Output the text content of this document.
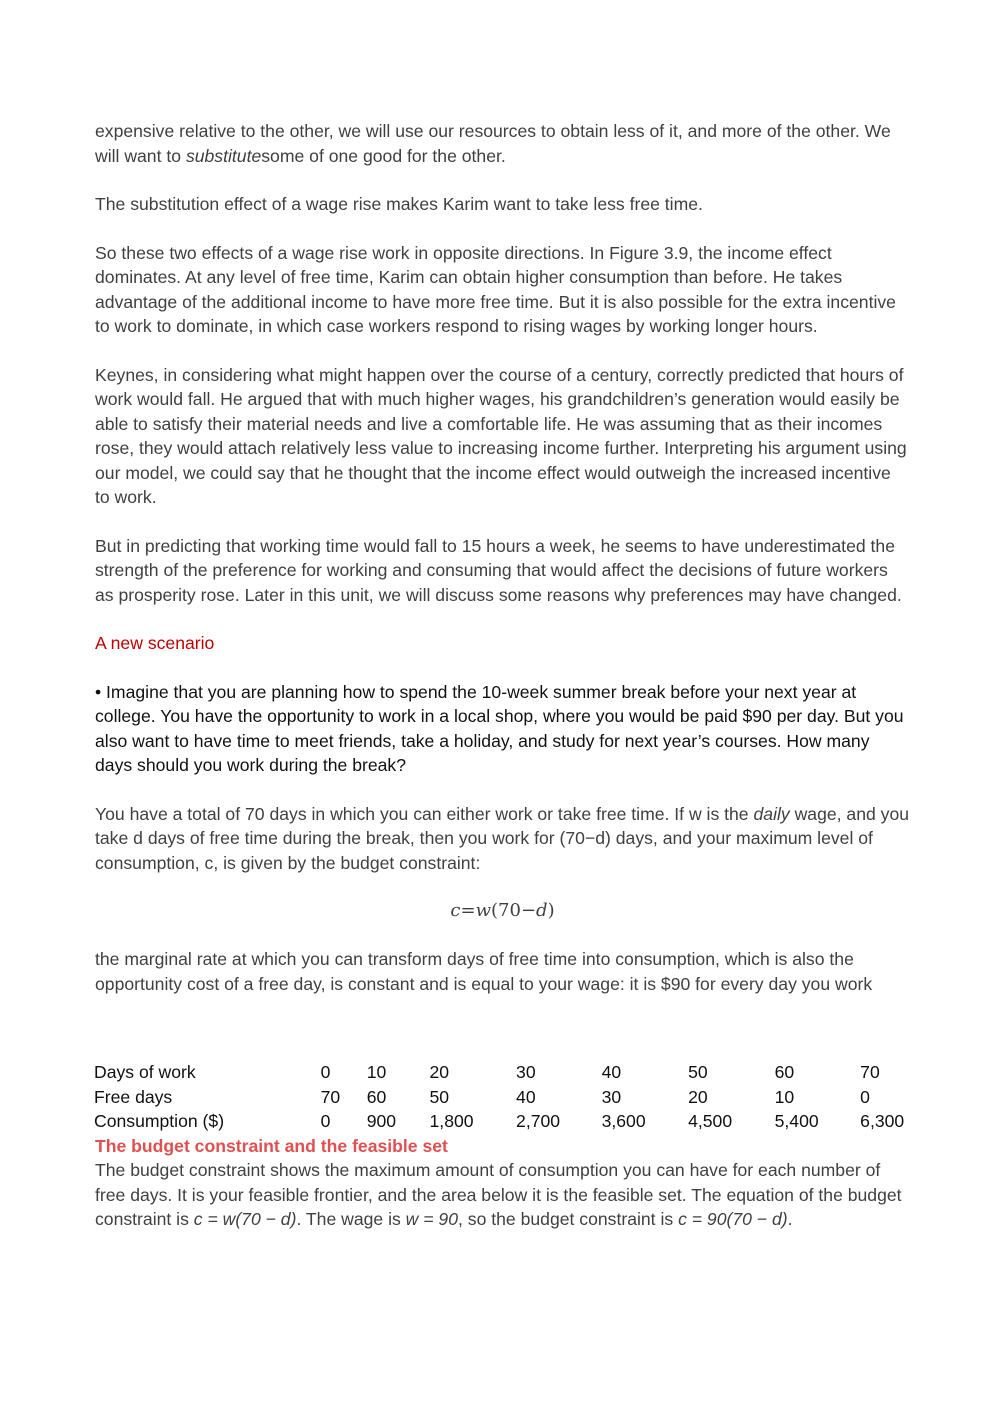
expensive relative to the other, we will use our resources to obtain less of it, and more of the other. We will want to substitutesome of one good for the other.

The substitution effect of a wage rise makes Karim want to take less free time.

So these two effects of a wage rise work in opposite directions. In Figure 3.9, the income effect dominates. At any level of free time, Karim can obtain higher consumption than before. He takes advantage of the additional income to have more free time. But it is also possible for the extra incentive to work to dominate, in which case workers respond to rising wages by working longer hours.

Keynes, in considering what might happen over the course of a century, correctly predicted that hours of work would fall. He argued that with much higher wages, his grandchildren’s generation would easily be able to satisfy their material needs and live a comfortable life. He was assuming that as their incomes rose, they would attach relatively less value to increasing income further. Interpreting his argument using our model, we could say that he thought that the income effect would outweigh the increased incentive to work.

But in predicting that working time would fall to 15 hours a week, he seems to have underestimated the strength of the preference for working and consuming that would affect the decisions of future workers as prosperity rose. Later in this unit, we will discuss some reasons why preferences may have changed.

A new scenario

• Imagine that you are planning how to spend the 10-week summer break before your next year at college. You have the opportunity to work in a local shop, where you would be paid $90 per day. But you also want to have time to meet friends, take a holiday, and study for next year’s courses. How many days should you work during the break?

You have a total of 70 days in which you can either work or take free time. If w is the daily wage, and you take d days of free time during the break, then you work for (70−d) days, and your maximum level of consumption, c, is given by the budget constraint:

c=w(70−d)

the marginal rate at which you can transform days of free time into consumption, which is also the opportunity cost of a free day, is constant and is equal to your wage: it is $90 for every day you work

Days of work	0	10	20	30	40	50	60	70
Free days	70	60	50	40	30	20	10	0
Consumption ($)	0	900	1,800	2,700	3,600	4,500	5,400	6,300
The budget constraint and the feasible set

The budget constraint shows the maximum amount of consumption you can have for each number of free days. It is your feasible frontier, and the area below it is the feasible set. The equation of the budget constraint is c = w(70 − d). The wage is w = 90, so the budget constraint is c = 90(70 − d).
